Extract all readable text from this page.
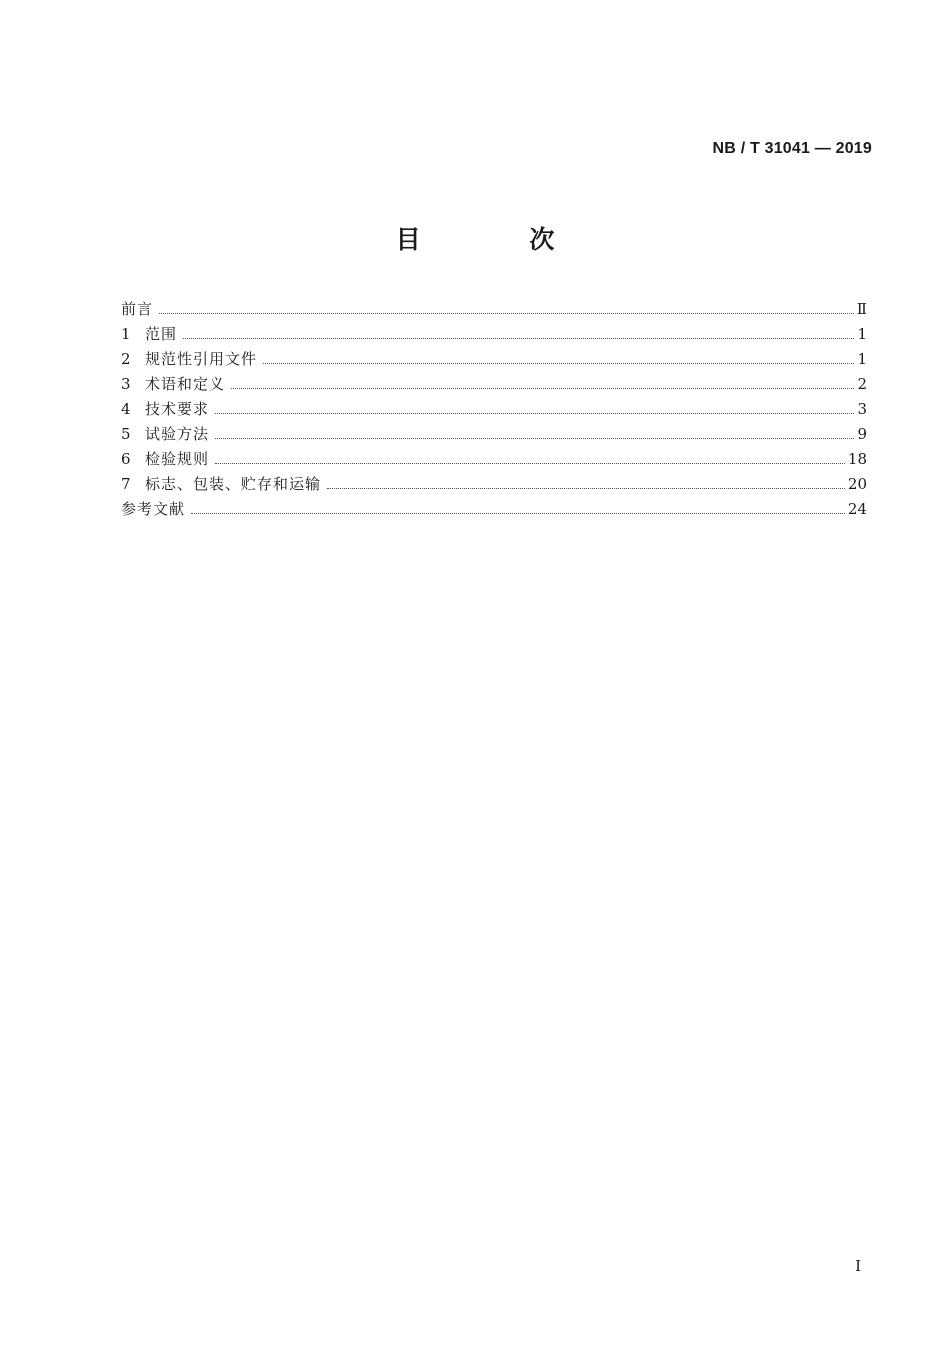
NB / T 31041 — 2019
目 次
前言	Ⅱ
1 范围	1
2 规范性引用文件	1
3 术语和定义	2
4 技术要求	3
5 试验方法	9
6 检验规则	18
7 标志、包装、贮存和运输	20
参考文献	24
I
